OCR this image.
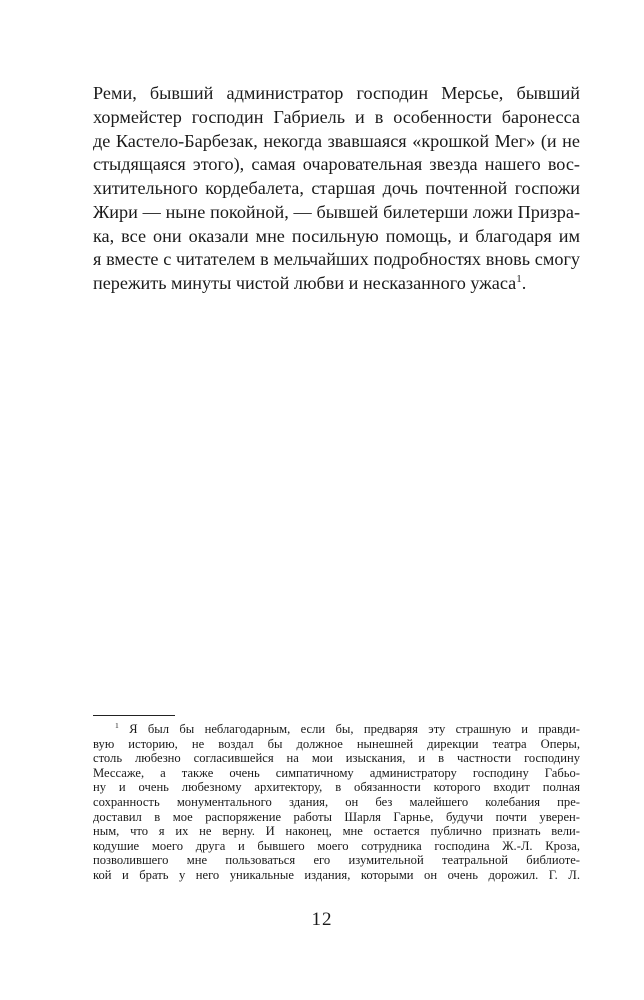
Реми, бывший администратор господин Мерсье, бывший
хормейстер господин Габриель и в особенности баронесса
де Кастело-Барбезак, некогда звавшаяся «крошкой Мег» (и не
стыдящаяся этого), самая очаровательная звезда нашего вос-
хитительного кордебалета, старшая дочь почтенной госпожи
Жири — ныне покойной, — бывшей билетерши ложи Призра-
ка, все они оказали мне посильную помощь, и благодаря им
я вместе с читателем в мельчайших подробностях вновь смогу
пережить минуты чистой любви и несказанного ужаса$^1$.
$^1$ Я был бы неблагодарным, если бы, предваряя эту страшную и правди-
вую историю, не воздал бы должное нынешней дирекции театра Оперы,
столь любезно согласившейся на мои изыскания, и в частности господину
Мессаже, а также очень симпатичному администратору господину Габьо-
ну и очень любезному архитектору, в обязанности которого входит полная
сохранность монументального здания, он без малейшего колебания пре-
доставил в мое распоряжение работы Шарля Гарнье, будучи почти уверен-
ным, что я их не верну. И наконец, мне остается публично признать вели-
кодушие моего друга и бывшего моего сотрудника господина Ж.-Л. Кроза,
позволившего мне пользоваться его изумительной театральной библиоте-
кой и брать у него уникальные издания, которыми он очень дорожил. Г. Л.
12
